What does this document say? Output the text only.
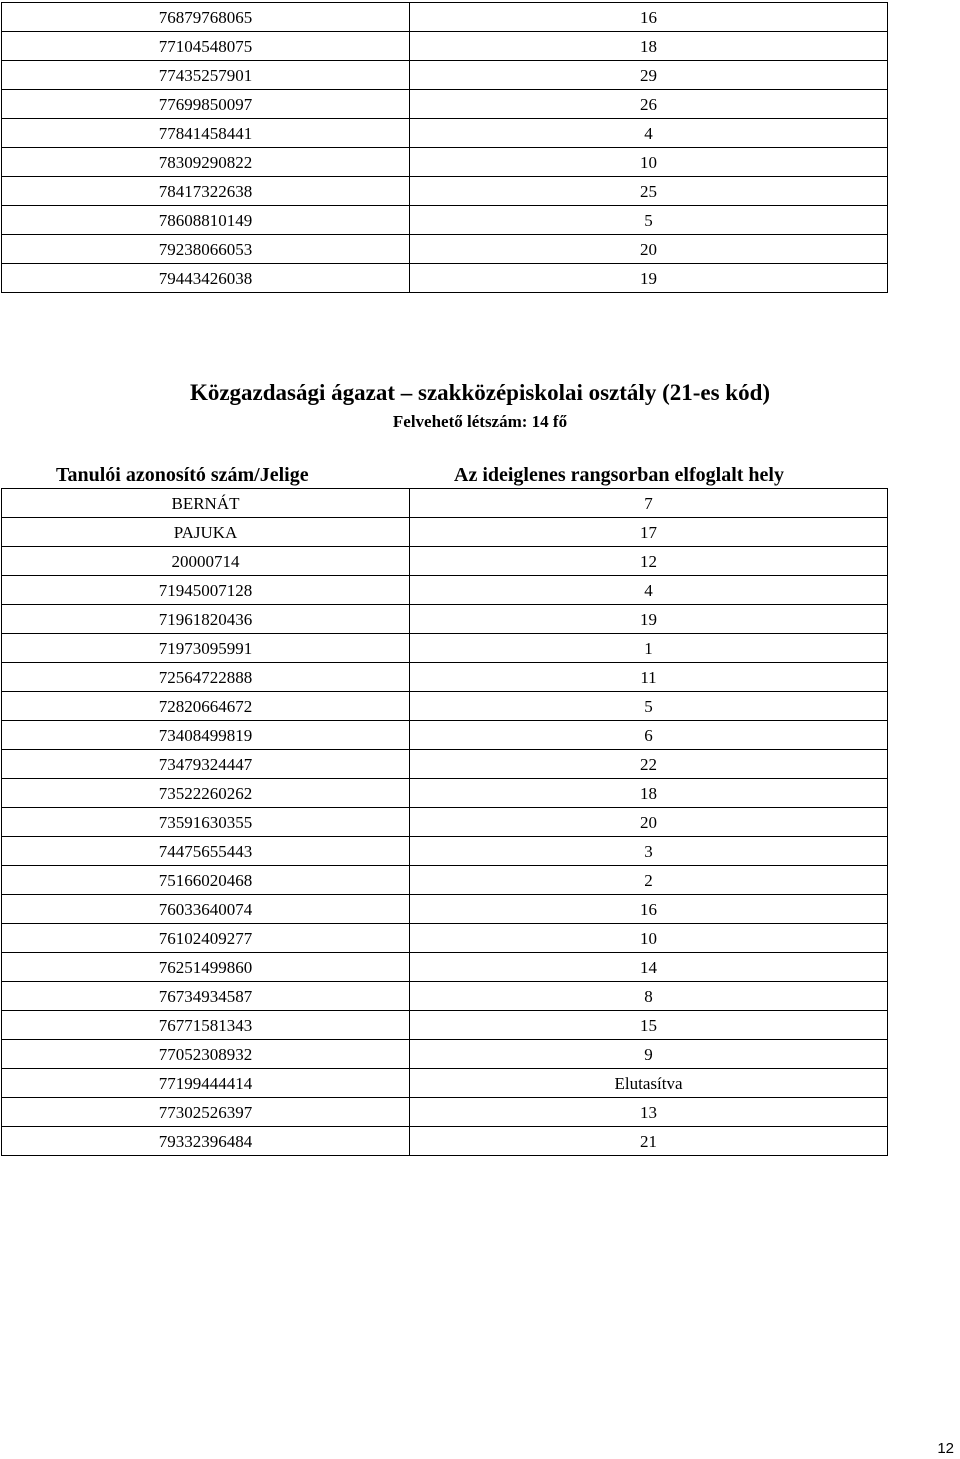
76879768065	16
77104548075	18
77435257901	29
77699850097	26
77841458441	4
78309290822	10
78417322638	25
78608810149	5
79238066053	20
79443426038	19
Közgazdasági ágazat – szakközépiskolai osztály (21-es kód)
Felvehető létszám: 14 fő
Tanulói azonosító szám/Jelige	Az ideiglenes rangsorban elfoglalt hely
BERNÁT	7
PAJUKA	17
20000714	12
71945007128	4
71961820436	19
71973095991	1
72564722888	11
72820664672	5
73408499819	6
73479324447	22
73522260262	18
73591630355	20
74475655443	3
75166020468	2
76033640074	16
76102409277	10
76251499860	14
76734934587	8
76771581343	15
77052308932	9
77199444414	Elutasítva
77302526397	13
79332396484	21
12
